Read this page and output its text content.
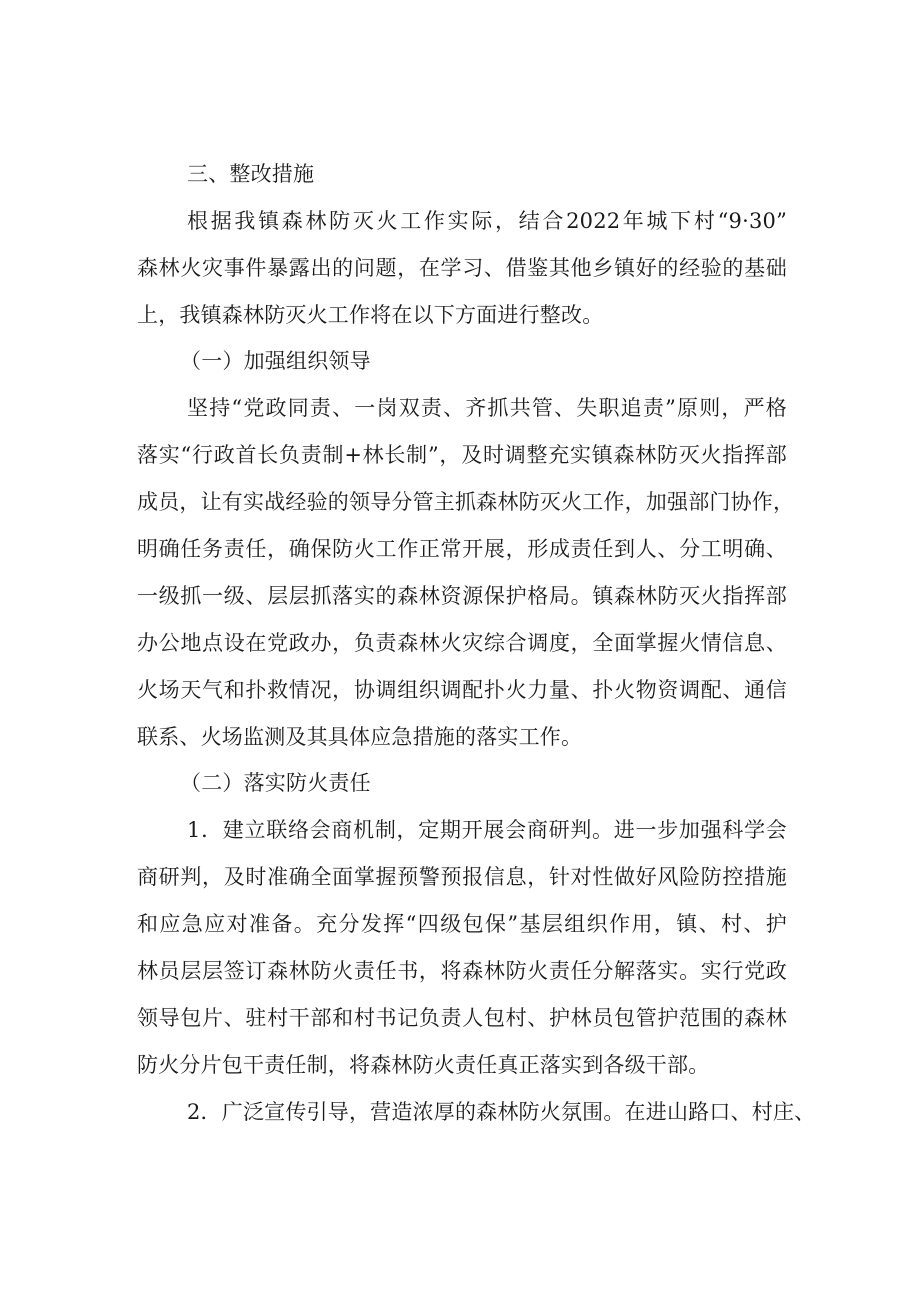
三、整改措施
根据我镇森林防灭火工作实际，结合2022年城下村“9·30”
森林火灾事件暴露出的问题，在学习、借鉴其他乡镇好的经验的基础
上，我镇森林防灭火工作将在以下方面进行整改。
（一）加强组织领导
坚持“党政同责、一岗双责、齐抓共管、失职追责”原则，严格
落实“行政首长负责制+林长制”，及时调整充实镇森林防灭火指挥部
成员，让有实战经验的领导分管主抓森林防灭火工作，加强部门协作，
明确任务责任，确保防火工作正常开展，形成责任到人、分工明确、
一级抓一级、层层抓落实的森林资源保护格局。镇森林防灭火指挥部
办公地点设在党政办，负责森林火灾综合调度，全面掌握火情信息、
火场天气和扑救情况，协调组织调配扑火力量、扑火物资调配、通信
联系、火场监测及其具体应急措施的落实工作。
（二）落实防火责任
1．建立联络会商机制，定期开展会商研判。进一步加强科学会
商研判，及时准确全面掌握预警预报信息，针对性做好风险防控措施
和应急应对准备。充分发挥“四级包保”基层组织作用，镇、村、护
林员层层签订森林防火责任书，将森林防火责任分解落实。实行党政
领导包片、驻村干部和村书记负责人包村、护林员包管护范围的森林
防火分片包干责任制，将森林防火责任真正落实到各级干部。
2．广泛宣传引导，营造浓厚的森林防火氛围。在进山路口、村庄、
